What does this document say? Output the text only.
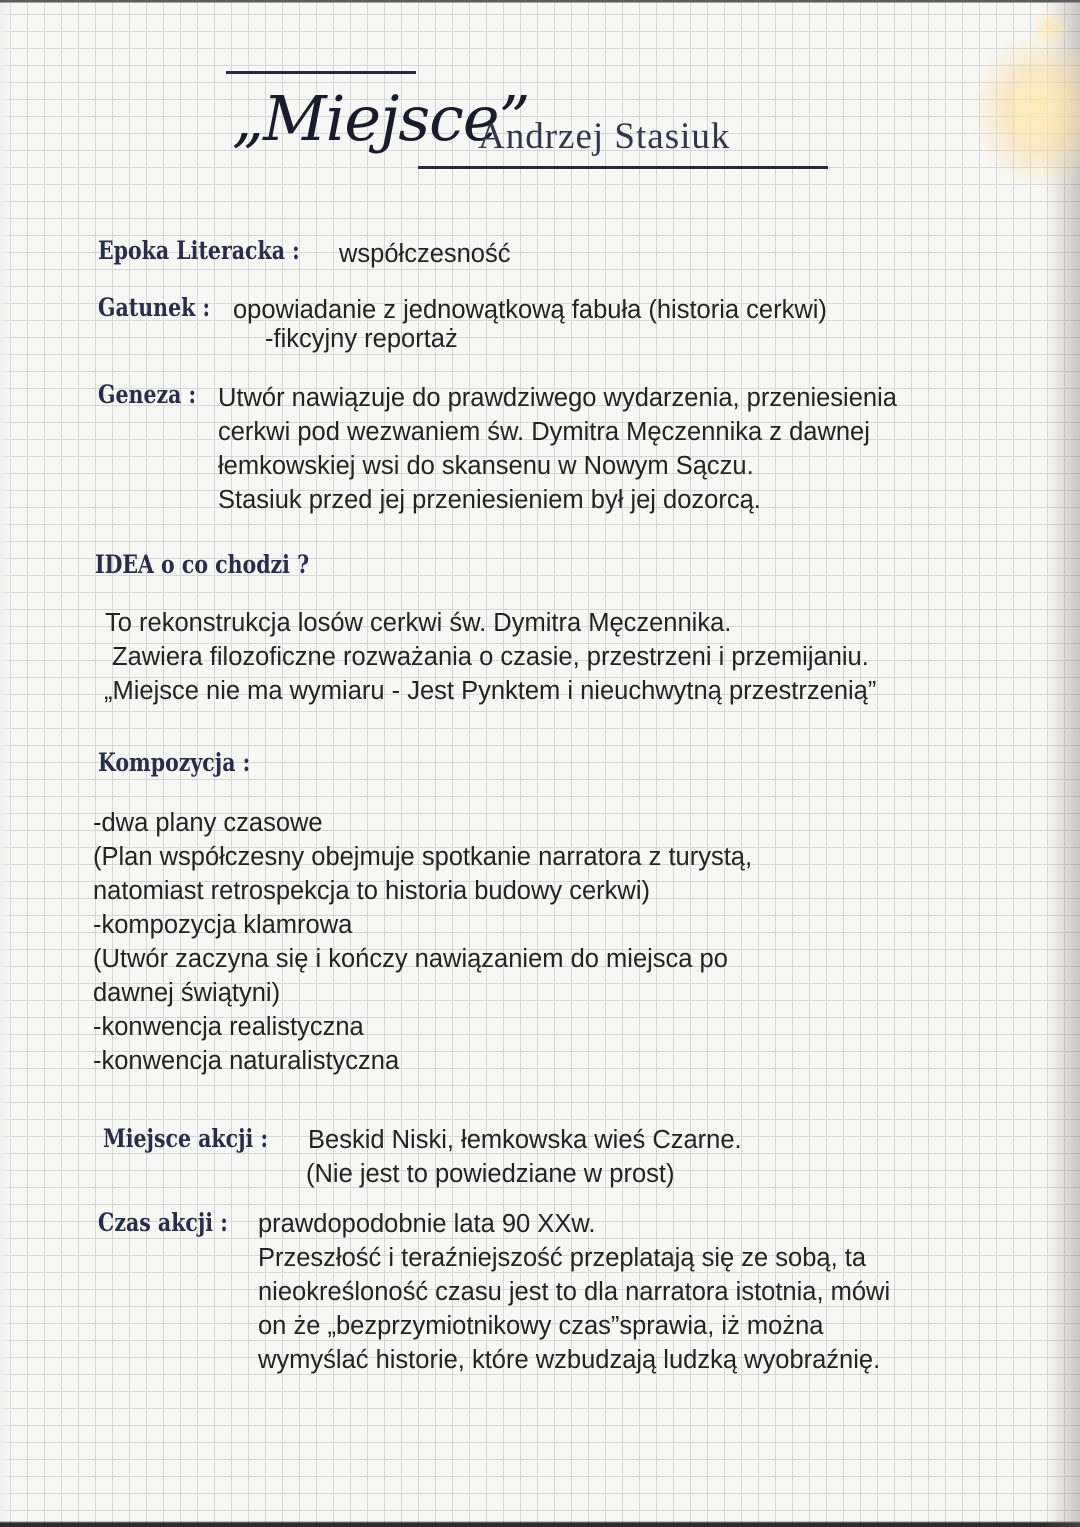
„Miejsce”
Andrzej Stasiuk
Epoka Literacka :	współczesność
Gatunek : opowiadanie z jednowątkową fabuła (historia cerkwi)
-fikcyjny reportaż
Geneza : Utwór nawiązuje do prawdziwego wydarzenia, przeniesienia
cerkwi pod wezwaniem św. Dymitra Męczennika z dawnej
łemkowskiej wsi do skansenu w Nowym Sączu.
Stasiuk przed jej przeniesieniem był jej dozorcą.
IDEA o co chodzi ?
To rekonstrukcja losów cerkwi św. Dymitra Męczennika.
Zawiera filozoficzne rozważania o czasie, przestrzeni i przemijaniu.
„Miejsce nie ma wymiaru - Jest Pynktem i nieuchwytną przestrzenią”
Kompozycja :
-dwa plany czasowe
(Plan współczesny obejmuje spotkanie narratora z turystą,
natomiast retrospekcja to historia budowy cerkwi)
-kompozycja klamrowa
(Utwór zaczyna się i kończy nawiązaniem do miejsca po
dawnej świątyni)
-konwencja realistyczna
-konwencja naturalistyczna
Miejsce akcji :	Beskid Niski, łemkowska wieś Czarne.
(Nie jest to powiedziane w prost)
Czas akcji :	prawdopodobnie lata 90 XXw.
Przeszłość i teraźniejszość przeplatają się ze sobą, ta
nieokreśloność czasu jest to dla narratora istotnia, mówi
on że „bezprzymiotnikowy czas”sprawia, iż można
wymyślać historie, które wzbudzają ludzką wyobraźnię.
